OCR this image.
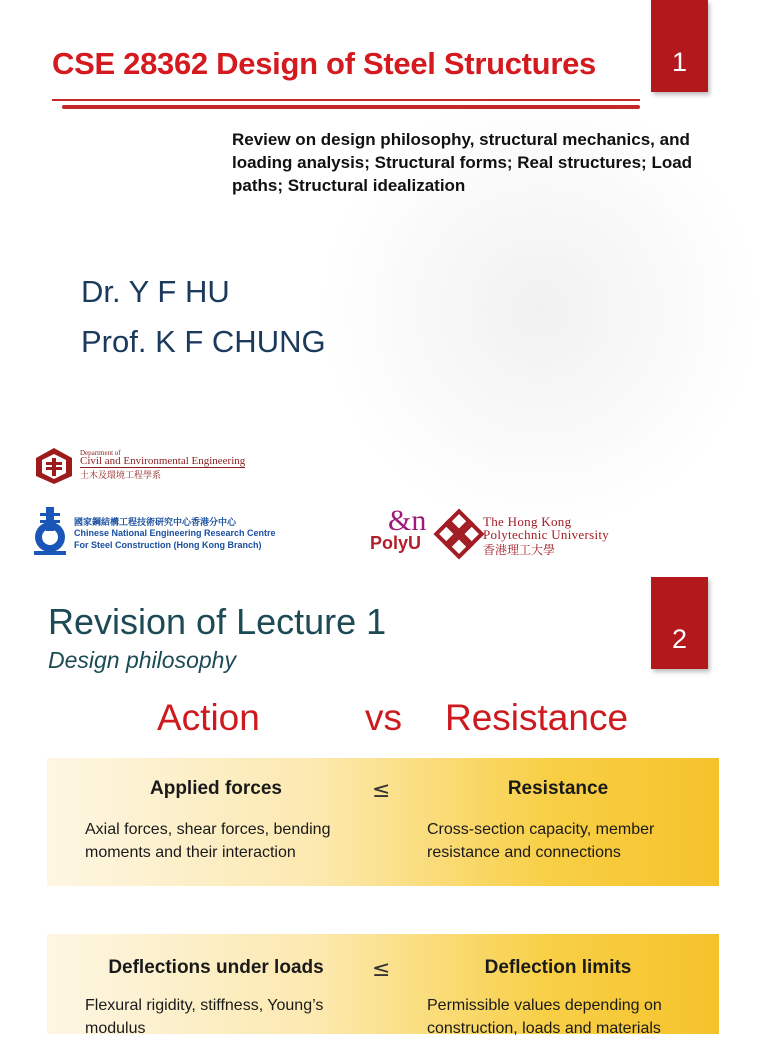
CSE 28362 Design of Steel Structures	1

Review on design philosophy, structural mechanics, and loading analysis; Structural forms; Real structures; Load paths; Structural idealization

Dr. Y F HU
Prof. K F CHUNG
Department of
Civil and Environmental Engineering
土木及環境工程學系
國家鋼結構工程技術研究中心香港分中心
Chinese National Engineering Research Centre
For Steel Construction (Hong Kong Branch)
&n
PolyU
The Hong Kong
Polytechnic University
香港理工大學
Revision of Lecture 1
Design philosophy
2
Action	vs Resistance
Applied forces	≤	Resistance
Axial forces, shear forces, bending moments and their interaction
Cross-section capacity, member resistance and connections
Deflections under loads	≤	Deflection limits
Flexural rigidity, stiffness, Young’s modulus
Permissible values depending on construction, loads and materials
